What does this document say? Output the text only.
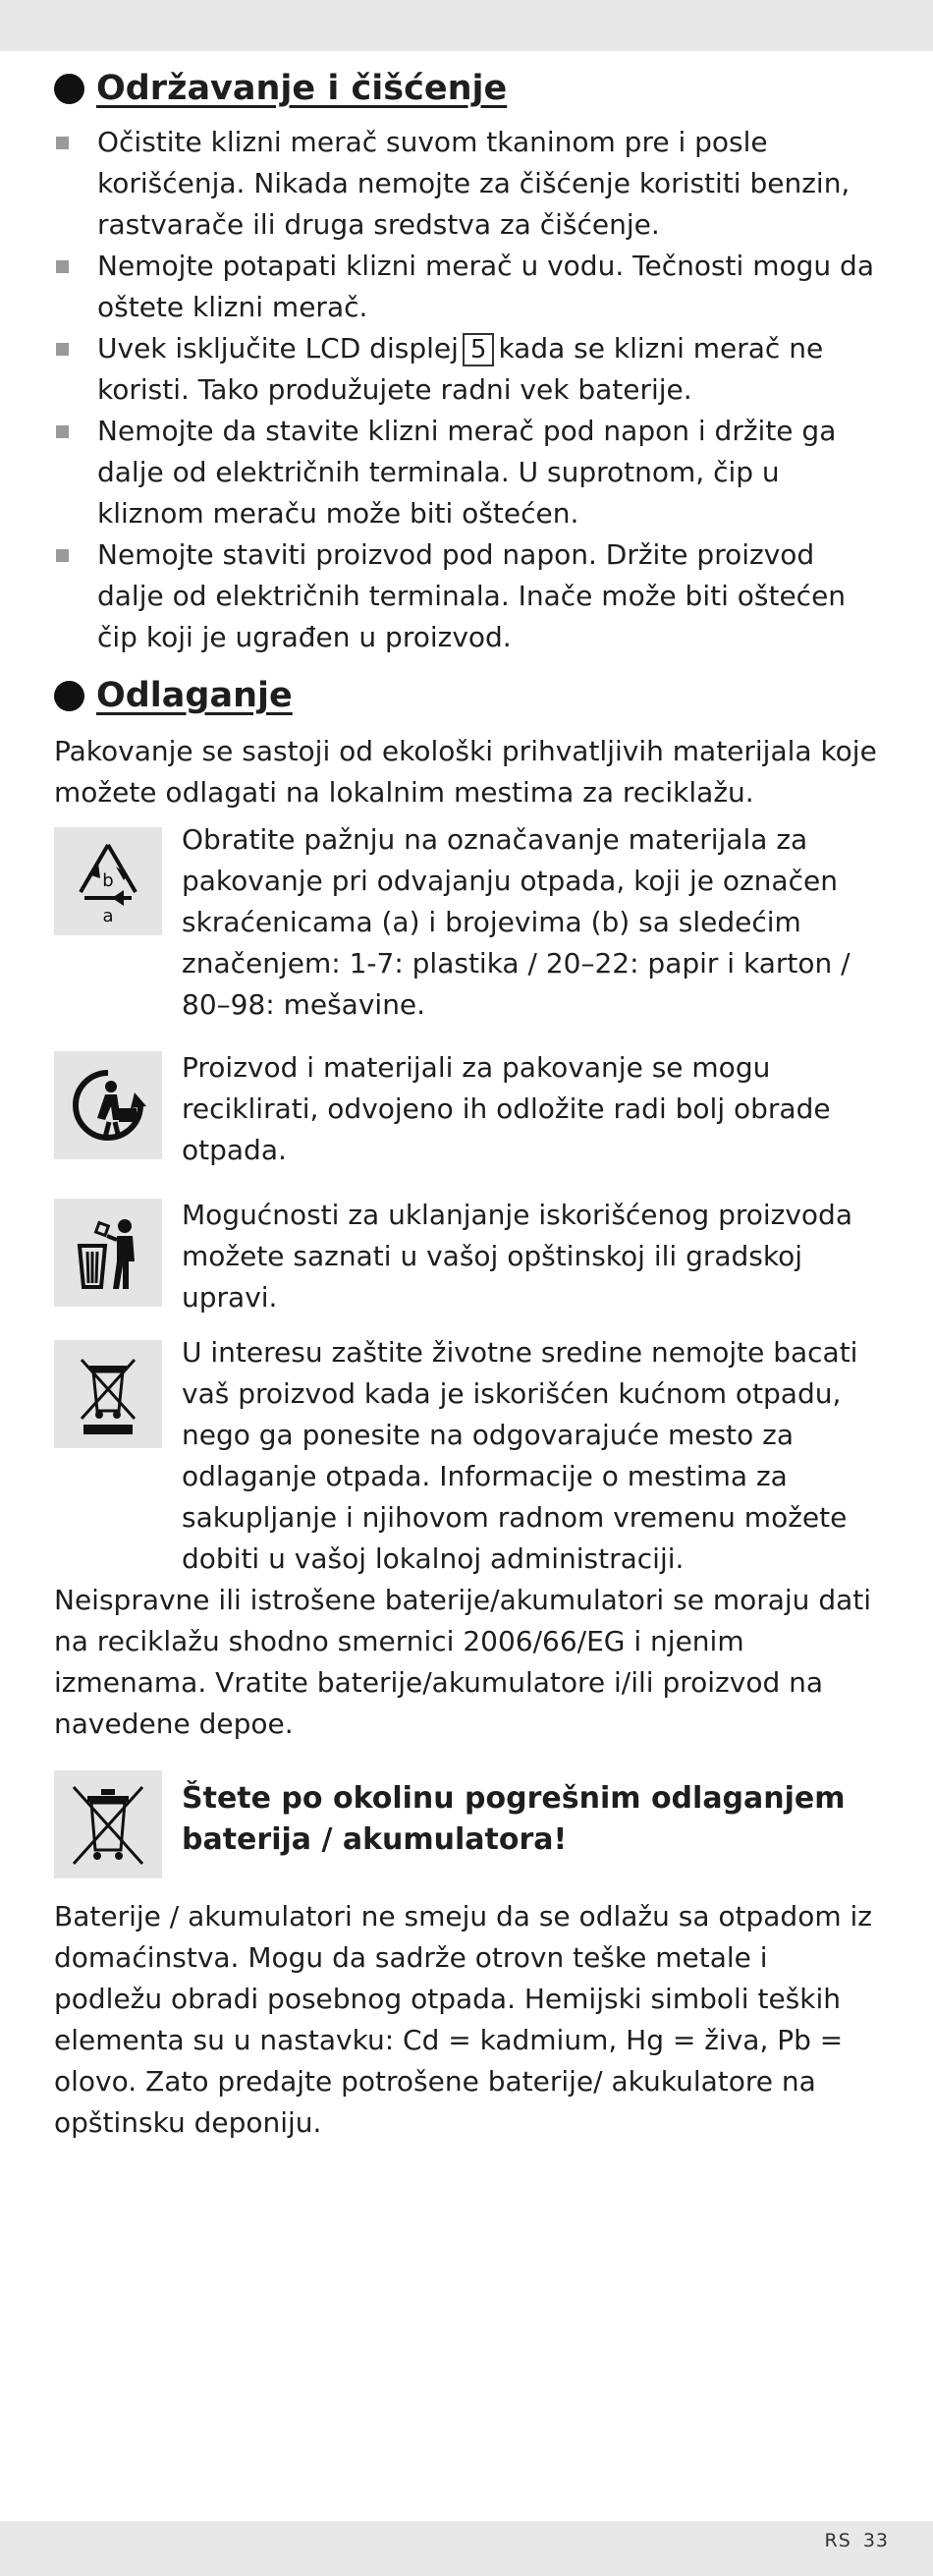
Održavanje i čišćenje
Očistite klizni merač suvom tkaninom pre i posle korišćenja. Nikada nemojte za čišćenje koristiti benzin, rastvarače ili druga sredstva za čišćenje.
Nemojte potapati klizni merač u vodu. Tečnosti mogu da oštete klizni merač.
Uvek isključite LCD displej 5 kada se klizni merač ne koristi. Tako produžujete radni vek baterije.
Nemojte da stavite klizni merač pod napon i držite ga dalje od električnih terminala. U suprotnom, čip u kliznom meraču može biti oštećen.
Nemojte staviti proizvod pod napon. Držite proizvod dalje od električnih terminala. Inače može biti oštećen čip koji je ugrađen u proizvod.
Odlaganje

Pakovanje se sastoji od ekološki prihvatljivih materijala koje možete odlagati na lokalnim mestima za reciklažu.

b
a
Obratite pažnju na označavanje materijala za pakovanje pri odvajanju otpada, koji je označen skraćenicama (a) i brojevima (b) sa sledećim značenjem: 1-7: plastika / 20–22: papir i karton / 80–98: mešavine.
Proizvod i materijali za pakovanje se mogu reciklirati, odvojeno ih odložite radi bolj obrade otpada.
Mogućnosti za uklanjanje iskorišćenog proizvoda možete saznati u vašoj opštinskoj ili gradskoj upravi.
U interesu zaštite životne sredine nemojte bacati vaš proizvod kada je iskorišćen kućnom otpadu, nego ga ponesite na odgovarajuće mesto za odlaganje otpada. Informacije o mestima za sakupljanje i njihovom radnom vremenu možete dobiti u vašoj lokalnoj administraciji.

Neispravne ili istrošene baterije/akumulatori se moraju dati na reciklažu shodno smernici 2006/66/EG i njenim izmenama. Vratite baterije/akumulatore i/ili proizvod na navedene depoe.

Štete po okolinu pogrešnim odlaganjem baterija / akumulatora!

Baterije / akumulatori ne smeju da se odlažu sa otpadom iz domaćinstva. Mogu da sadrže otrovn teške metale i podležu obradi posebnog otpada. Hemijski simboli teških elementa su u nastavku: Cd = kadmium, Hg = živa, Pb = olovo. Zato predajte potrošene baterije/ akukulatore na opštinsku deponiju.

RS 33
